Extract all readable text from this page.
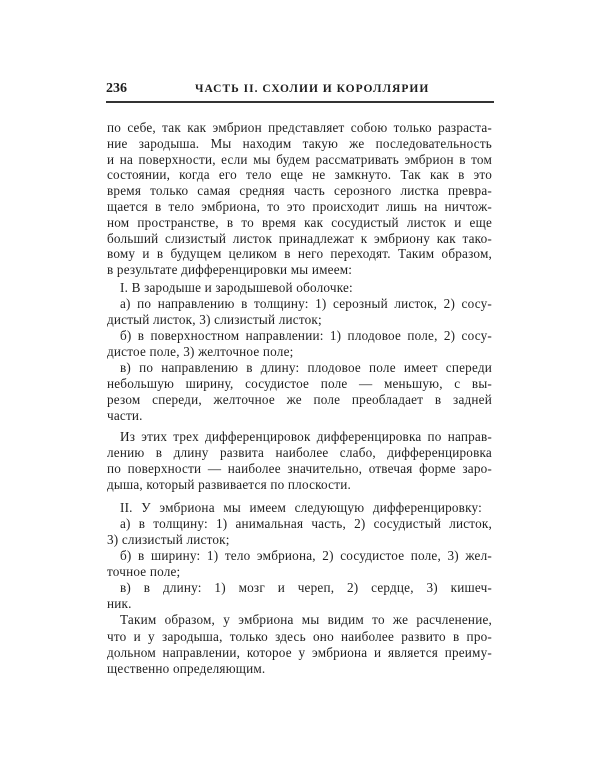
236	ЧАСТЬ II. СХОЛИИ И КОРОЛЛЯРИИ
по себе, так как эмбрион представляет собою только разраста-
ние зародыша. Мы находим такую же последовательность
и на поверхности, если мы будем рассматривать эмбрион в том
состоянии, когда его тело еще не замкнуто. Так как в это
время только самая средняя часть серозного листка превра-
щается в тело эмбриона, то это происходит лишь на ничтож-
ном пространстве, в то время как сосудистый листок и еще
больший слизистый листок принадлежат к эмбриону как тако-
вому и в будущем целиком в него переходят. Таким образом,
в результате дифференцировки мы имеем:
I. В зародыше и зародышевой оболочке:
а) по направлению в толщину: 1) серозный листок, 2) сосу-
дистый листок, 3) слизистый листок;
б) в поверхностном направлении: 1) плодовое поле, 2) сосу-
дистое поле, 3) желточное поле;
в) по направлению в длину: плодовое поле имеет спереди
небольшую ширину, сосудистое поле — меньшую, с вы-
резом спереди, желточное же поле преобладает в задней
части.
Из этих трех дифференцировок дифференцировка по направ-
лению в длину развита наиболее слабо, дифференцировка
по поверхности — наиболее значительно, отвечая форме заро-
дыша, который развивается по плоскости.
II. У эмбриона мы имеем следующую дифференцировку:
а) в толщину: 1) анимальная часть, 2) сосудистый листок,
3) слизистый листок;
б) в ширину: 1) тело эмбриона, 2) сосудистое поле, 3) жел-
точное поле;
в) в длину: 1) мозг и череп, 2) сердце, 3) кишеч-
ник.
Таким образом, у эмбриона мы видим то же расчленение,
что и у зародыша, только здесь оно наиболее развито в про-
дольном направлении, которое у эмбриона и является преиму-
щественно определяющим.
